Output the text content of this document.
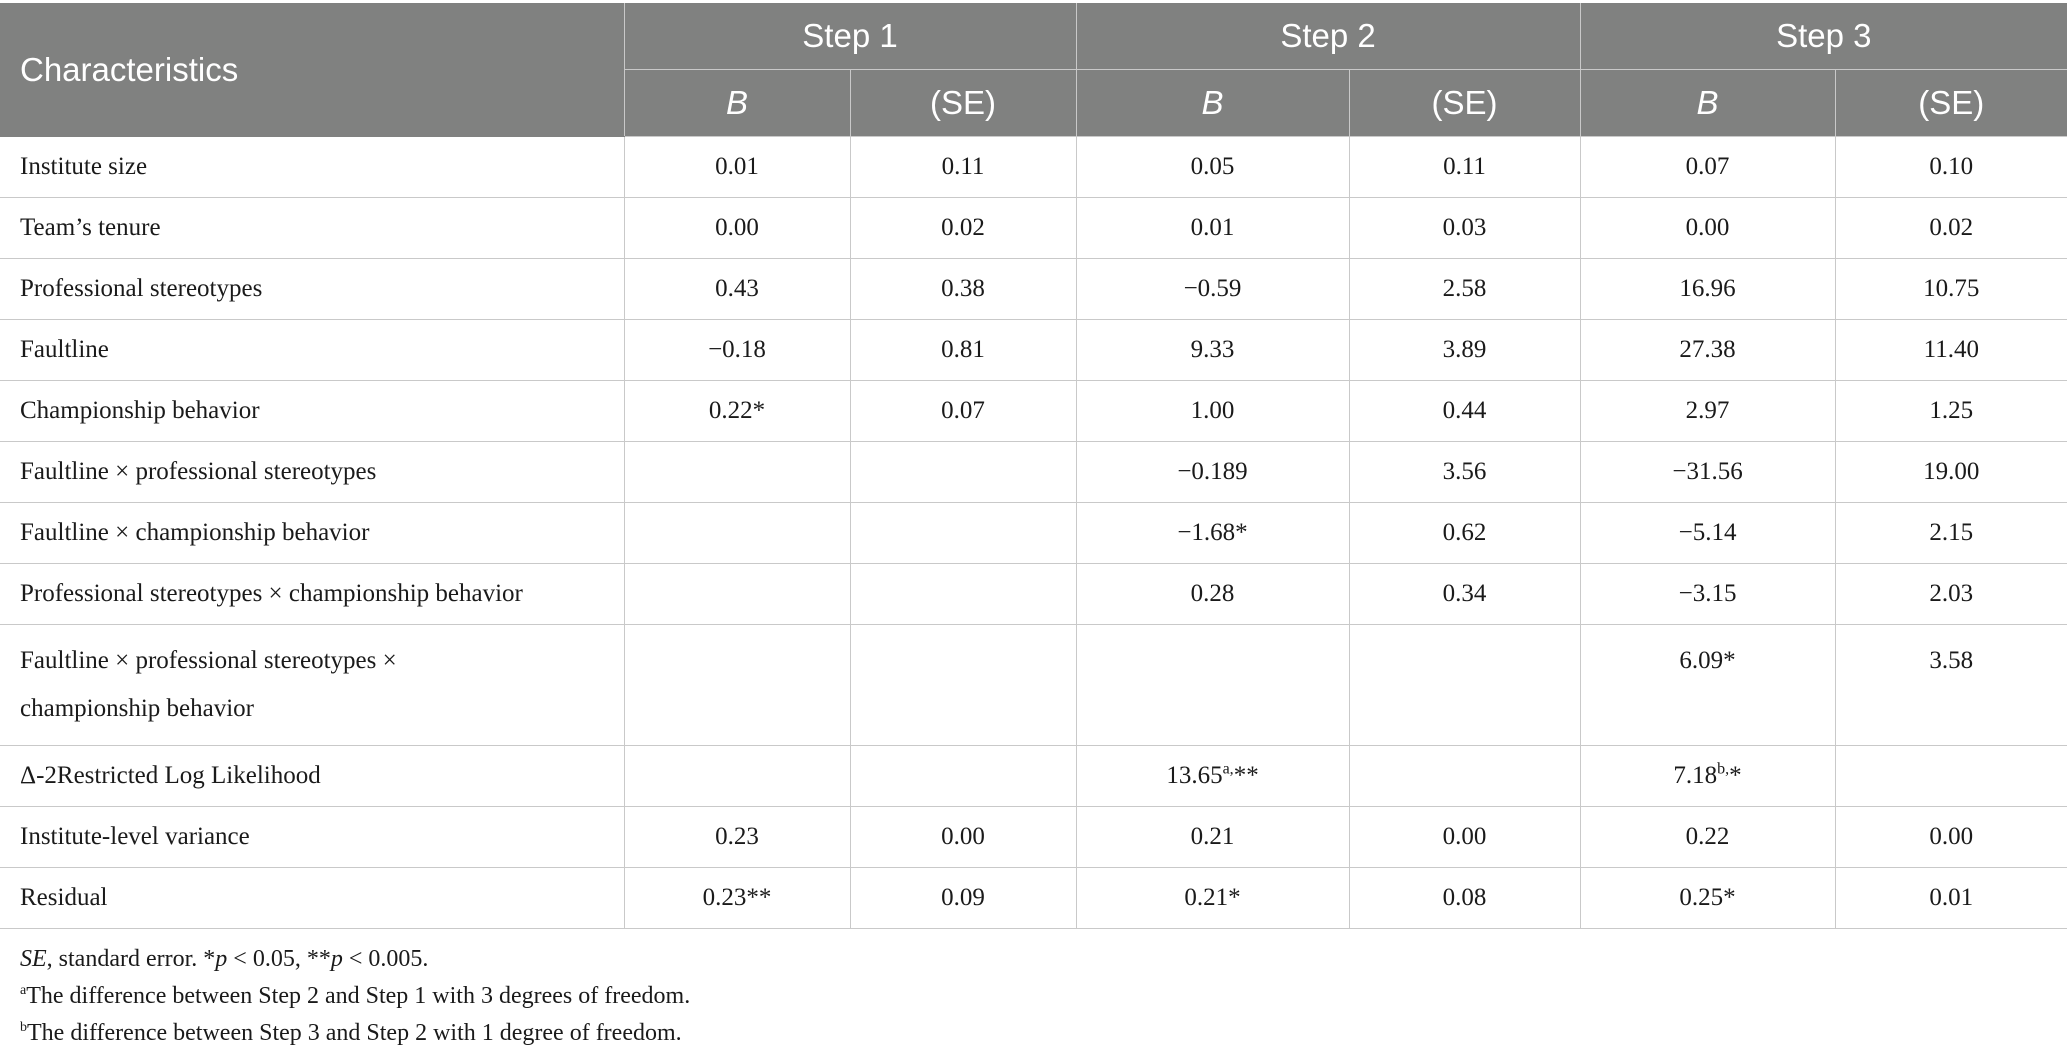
Characteristics	Step 1		Step 2		Step 3	
	B	(SE)	B	(SE)	B	(SE)
Institute size	0.01	0.11	0.05	0.11	0.07	0.10
Team’s tenure	0.00	0.02	0.01	0.03	0.00	0.02
Professional stereotypes	0.43	0.38	−0.59	2.58	16.96	10.75
Faultline	−0.18	0.81	9.33	3.89	27.38	11.40
Championship behavior	0.22*	0.07	1.00	0.44	2.97	1.25
Faultline × professional stereotypes			−0.189	3.56	−31.56	19.00
Faultline × championship behavior			−1.68*	0.62	−5.14	2.15
Professional stereotypes × championship behavior			0.28	0.34	−3.15	2.03
Faultline × professional stereotypes ×
championship behavior					6.09*	3.58
Δ-2Restricted Log Likelihood			$13.65^{a,}**$		$7.18^{b,}*$	
Institute-level variance	0.23	0.00	0.21	0.00	0.22	0.00
Residual	0.23**	0.09	0.21*	0.08	0.25*	0.01
SE, standard error. *p < 0.05, **p < 0.005.
$^a$The difference between Step 2 and Step 1 with 3 degrees of freedom.
$^b$The difference between Step 3 and Step 2 with 1 degree of freedom.
